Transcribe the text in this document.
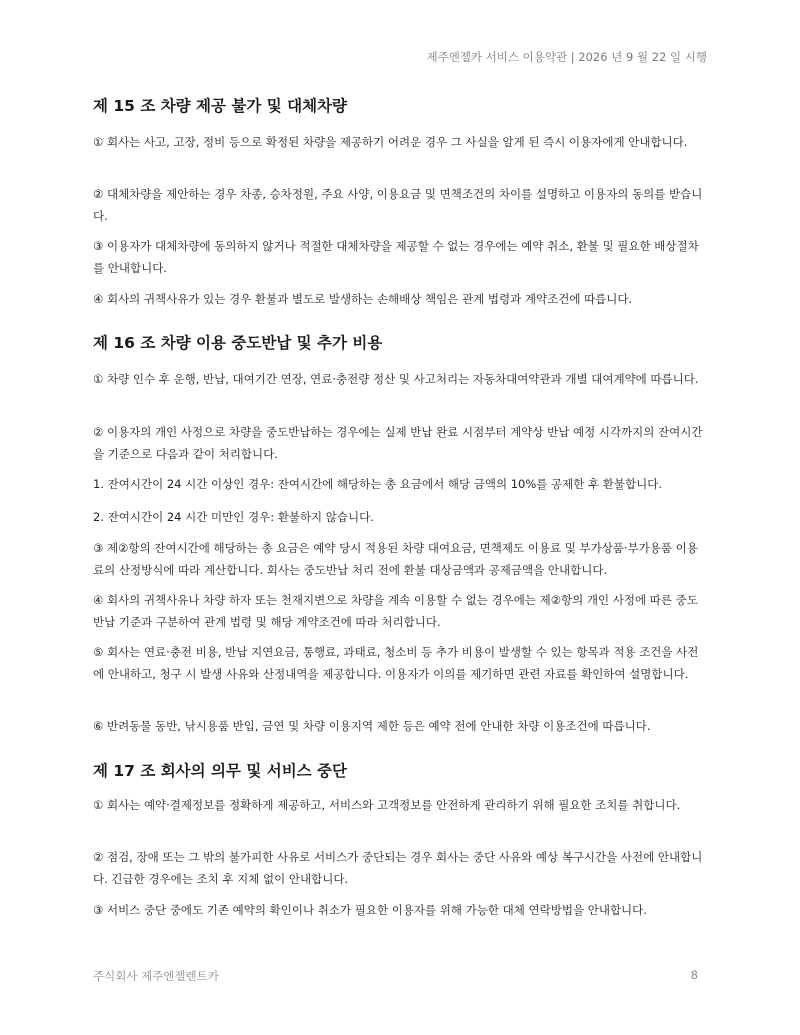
제주엔젤카 서비스 이용약관 | 2026 년 9 월 22 일 시행
제 15 조 차량 제공 불가 및 대체차량
① 회사는 사고, 고장, 정비 등으로 확정된 차량을 제공하기 어려운 경우 그 사실을 알게 된 즉시 이용자에게 안내합니다.
② 대체차량을 제안하는 경우 차종, 승차정원, 주요 사양, 이용요금 및 면책조건의 차이를 설명하고 이용자의 동의를 받습니다.
③ 이용자가 대체차량에 동의하지 않거나 적절한 대체차량을 제공할 수 없는 경우에는 예약 취소, 환불 및 필요한 배상절차를 안내합니다.
④ 회사의 귀책사유가 있는 경우 환불과 별도로 발생하는 손해배상 책임은 관계 법령과 계약조건에 따릅니다.
제 16 조 차량 이용 중도반납 및 추가 비용
① 차량 인수 후 운행, 반납, 대여기간 연장, 연료·충전량 정산 및 사고처리는 자동차대여약관과 개별 대여계약에 따릅니다.
② 이용자의 개인 사정으로 차량을 중도반납하는 경우에는 실제 반납 완료 시점부터 계약상 반납 예정 시각까지의 잔여시간을 기준으로 다음과 같이 처리합니다.
1. 잔여시간이 24 시간 이상인 경우: 잔여시간에 해당하는 총 요금에서 해당 금액의 10%를 공제한 후 환불합니다.
2. 잔여시간이 24 시간 미만인 경우: 환불하지 않습니다.
③ 제②항의 잔여시간에 해당하는 총 요금은 예약 당시 적용된 차량 대여요금, 면책제도 이용료 및 부가상품·부가용품 이용료의 산정방식에 따라 계산합니다. 회사는 중도반납 처리 전에 환불 대상금액과 공제금액을 안내합니다.
④ 회사의 귀책사유나 차량 하자 또는 천재지변으로 차량을 계속 이용할 수 없는 경우에는 제②항의 개인 사정에 따른 중도반납 기준과 구분하여 관계 법령 및 해당 계약조건에 따라 처리합니다.
⑤ 회사는 연료·충전 비용, 반납 지연요금, 통행료, 과태료, 청소비 등 추가 비용이 발생할 수 있는 항목과 적용 조건을 사전에 안내하고, 청구 시 발생 사유와 산정내역을 제공합니다. 이용자가 이의를 제기하면 관련 자료를 확인하여 설명합니다.
⑥ 반려동물 동반, 낚시용품 반입, 금연 및 차량 이용지역 제한 등은 예약 전에 안내한 차량 이용조건에 따릅니다.
제 17 조 회사의 의무 및 서비스 중단
① 회사는 예약·결제정보를 정확하게 제공하고, 서비스와 고객정보를 안전하게 관리하기 위해 필요한 조치를 취합니다.
② 점검, 장애 또는 그 밖의 불가피한 사유로 서비스가 중단되는 경우 회사는 중단 사유와 예상 복구시간을 사전에 안내합니다. 긴급한 경우에는 조치 후 지체 없이 안내합니다.
③ 서비스 중단 중에도 기존 예약의 확인이나 취소가 필요한 이용자를 위해 가능한 대체 연락방법을 안내합니다.
주식회사 제주엔젤렌트카	8
